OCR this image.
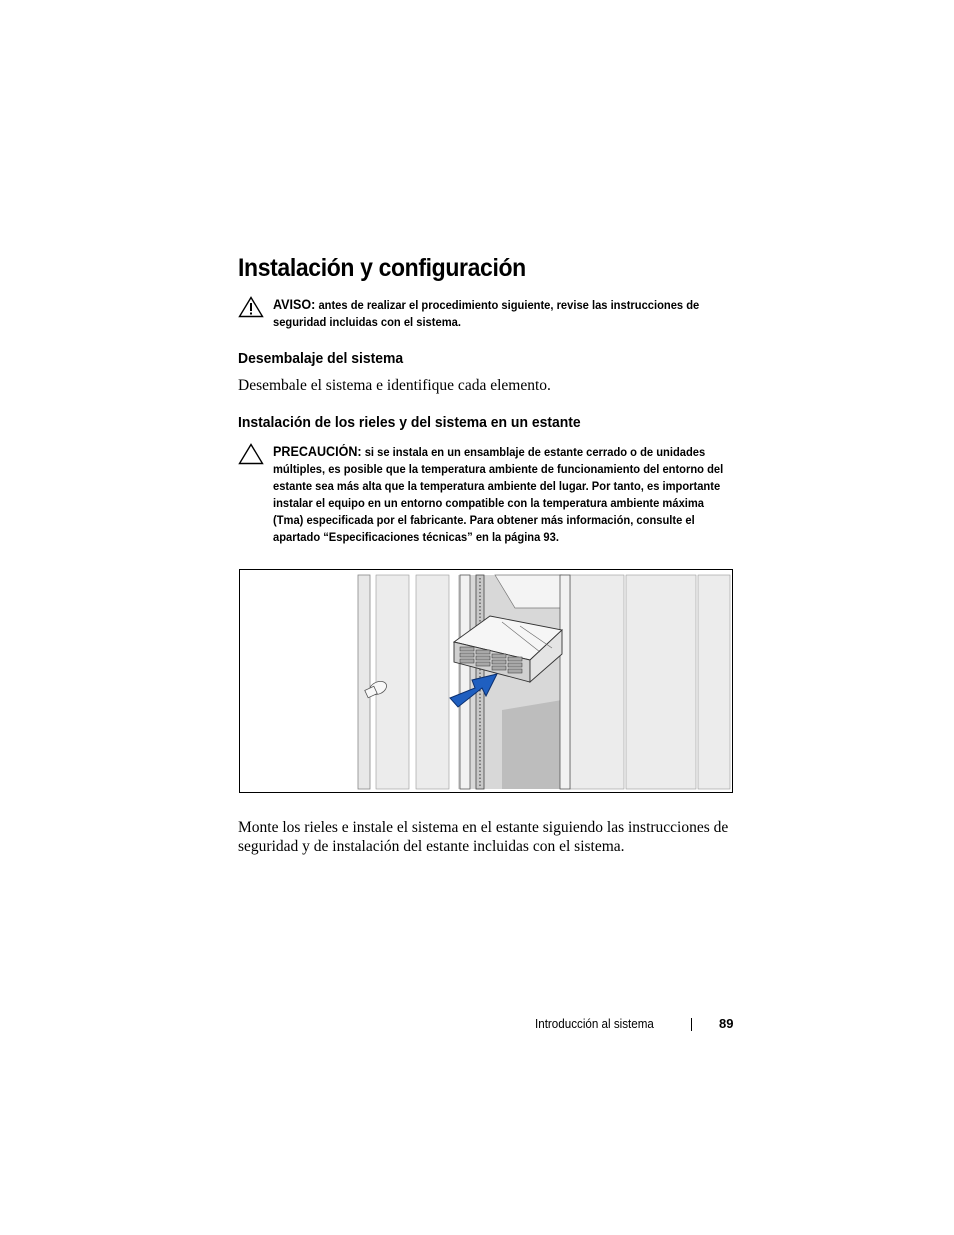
Instalación y configuración
AVISO: antes de realizar el procedimiento siguiente, revise las instrucciones de seguridad incluidas con el sistema.
Desembalaje del sistema
Desembale el sistema e identifique cada elemento.
Instalación de los rieles y del sistema en un estante
PRECAUCIÓN: si se instala en un ensamblaje de estante cerrado o de unidades múltiples, es posible que la temperatura ambiente de funcionamiento del entorno del estante sea más alta que la temperatura ambiente del lugar. Por tanto, es importante instalar el equipo en un entorno compatible con la temperatura ambiente máxima (Tma) especificada por el fabricante. Para obtener más información, consulte el apartado “Especificaciones técnicas” en la página 93.
Monte los rieles e instale el sistema en el estante siguiendo las instrucciones de seguridad y de instalación del estante incluidas con el sistema.
Introducción al sistema	89
